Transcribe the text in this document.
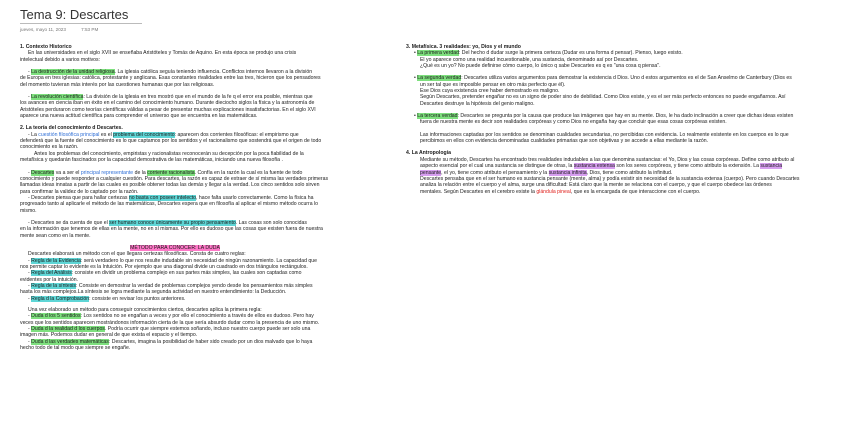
Tema 9: Descartes
jueves, mayo 11, 2023	7:53 PM

1. Contexto Historico

En las universidades en el siglo XVII se enseñaba Aristóteles y Tomás de Aquino. En esta época se produjo una crisis

intelectual debido a varios motivos:

- La destrucción de la unidad religiosa. La iglesia católica seguía teniendo influencia. Conflictos internos llevaron a la división

de Europa en tres iglesias: católica, protestante y anglicana. Esas constantes rivalidades entre las tres, hicieron que los pensadores

del momento tuvieran más interés por las cuestiones humanas que por las religiosas.

- La revolución científica: La división de la iglesia en tres mostró que en el mundo de la fe q el error era posible, mientras que

los avances en ciencia iban en éxito en el camino del conocimiento humano. Durante dieciocho siglos la física y la astronomía de

Aristóteles perduraron como teorías científicas válidas a pesar de presentar muchas explicaciones insatisfactorias. En el siglo XVI

aparece una nueva actitud científica para comprender el universo que se encuentra en las matemáticas.

2. La teoría del conocimiento d Descartes.

- La cuestión filosófica principal es el problema del conocimiento: aparecen dos corrientes filosóficas: el empirismo que

defenderá que la fuente del conocimiento es lo que captamos por los sentidos y el racionalismo que sostendrá que el origen de todo

conocimiento es la razón.

Antes los problemas del conocimiento, empiristas y racionalistas reconocerán su decepción por la poca fiabilidad de la

metafísica y quedarán fascinados por la capacidad demostrativa de las matemáticas, iniciando una nueva filosofía .

- Descartes va a ser el principal representante de la corriente racionalista. Confía en la razón la cual es la fuente de todo

conocimiento y puede responder a cualquier cuestión. Para descartes, la razón es capaz de extraer de sí misma las verdades primeras

llamadas ideas innatas a partir de las cuales es posible obtener todas las demás y llegar a la verdad. Los cinco sentidos solo sirven

para confirmar la validez de lo captado por la razón.

- Descartes piensa que para hallar certezas no basta con poseer intelecto, hace falta usarlo correctamente. Como la física ha

progresado tanto al aplicarle el método de las matemáticas, Descartes espera que en filosofía al aplicar el mismo método ocurra lo

mismo.

- Descartes se da cuenta de que el ser humano conoce únicamente su propio pensamiento. Las cosas son solo conocidas

en la información que tenemos de ellas en la mente, no en sí mismas. Por ello es dudoso que las cosas que existen fuera de nuestra

mente sean como en la mente.

MÉTODO PARA CONOCER: LA DUDA

Descartes elaborará un método con el que llegara certezas filosóficas. Consta de cuatro reglas:

- Regla de la Evidencia: será verdadero lo que nos resulte indudable sin necesidad de ningún razonamiento. La capacidad que

nos permite captar lo evidente es la Intuición. Por ejemplo que una diagonal divide un cuadrado en dos triángulos rectángulos.

- Regla del Análisis: consiste en dividir un problema complejo en sus partes más simples, las cuales son captadas como

evidentes por la intuición.

- Regla de la síntesis: Consiste en demostrar la verdad de problemas complejos yendo desde los pensamientos más simples

hasta los más complejos.La síntesis se logra mediante la segunda actividad en nuestro entendimiento: la Deducción.

- Regla d la Comprobación: consiste en revisar los puntos anteriores.

Una vez elaborado un método para conseguir conocimientos ciertos, descartes aplica la primera regla:

- Duda d los 5 sentidos: Los sentidos no se engañan a veces y por ello el conocimiento a través de ellos es dudoso. Pero hay

veces que los sentidos aparecen mostrándonos información cierta de la que sería absurdo dudar como la presencia de uno mismo.

- Duda d la realidad d los cuerpos. Podría ocurrir que siempre estemos soñando, incluso nuestro cuerpo puede ser solo una

imagen más. Podemos dudar en general de que exista el espacio y el tiempo.

- Duda d las verdades matemáticas: Descartes, imagina la posibilidad de haber sido creado por un dios malvado que lo haya

hecho todo de tal modo que siempre se engañe.

3. Metafísica. 3 realidades: yo, Dios y el mundo

• La primera verdad: Del hecho d dudar surge la primera certeza (Dudar es una forma d pensar). Pienso, luego existo.

El yo aparece como una realidad incuestionable, una sustancia, denominado así por Descartes.

¿Qué es un yo? No puede definirse cómo cuerpo, lo único q sabe Descartes es q es "una cosa q piensa".

• La segunda verdad: Descartes utiliza varios argumentos para demostrar la existencia d Dios. Uno d estos argumentos es el de San Anselmo de Canterbury (Dios es

un ser tal que es imposible pensar en otro más perfecto que él).

Ese Dios cuya existencia cree haber demostrado es maligno.

Según Descartes, pretender engañar no es un signo de poder sino de debilidad. Como Dios existe, y es el ser más perfecto entonces no puede engañarnos. Así

Descartes destruye la hipótesis del genio maligno.

• La tercera verdad: Descartes se pregunta por la causa que produce las imágenes que hay en su mente. Dios, le ha dado inclinación a creer que dichas ideas existen

fuera de nuestra mente es decir son realidades corpóreas y como Dios no engaña hay que concluir que esas cosas corpóreas existen.

Las informaciones captadas por los sentidos se denominan cualidades secundarias, no percibidas con evidencia. Lo realmente existente en los cuerpos es lo que

percibimos en ellos con evidencia denominadas cualidades primarias que son objetivas y se accede a ellas mediante la razón.

4. La Antropología

Mediante su método, Descartes ha encontrado tres realidades indudables a las que denomina sustancias: el Yo, Dios y las cosas corpóreas. Define como atributo al

aspecto esencial por el cual una sustancia se distingue de otras, la sustancia extensa son los seres corpóreos, y tiene como atributo la extensión. La sustancia

pensante, el yo, tiene como atributo el pensamiento y la sustancia infinita, Dios, tiene como atributo la infinitud.

Descartes pensaba que en el ser humano es sustancia pensante (mente, alma) y podía existir sin necesidad de la sustancia extensa (cuerpo). Pero cuando Descartes

analiza la relación entre el cuerpo y el alma, surge una dificultad: Está claro que la mente se relaciona con el cuerpo, y que el cuerpo obedece las órdenes

mentales. Según Descartes en el cerebro existe la glándula pineal, que es la encargada de que interaccione con el cuerpo.
